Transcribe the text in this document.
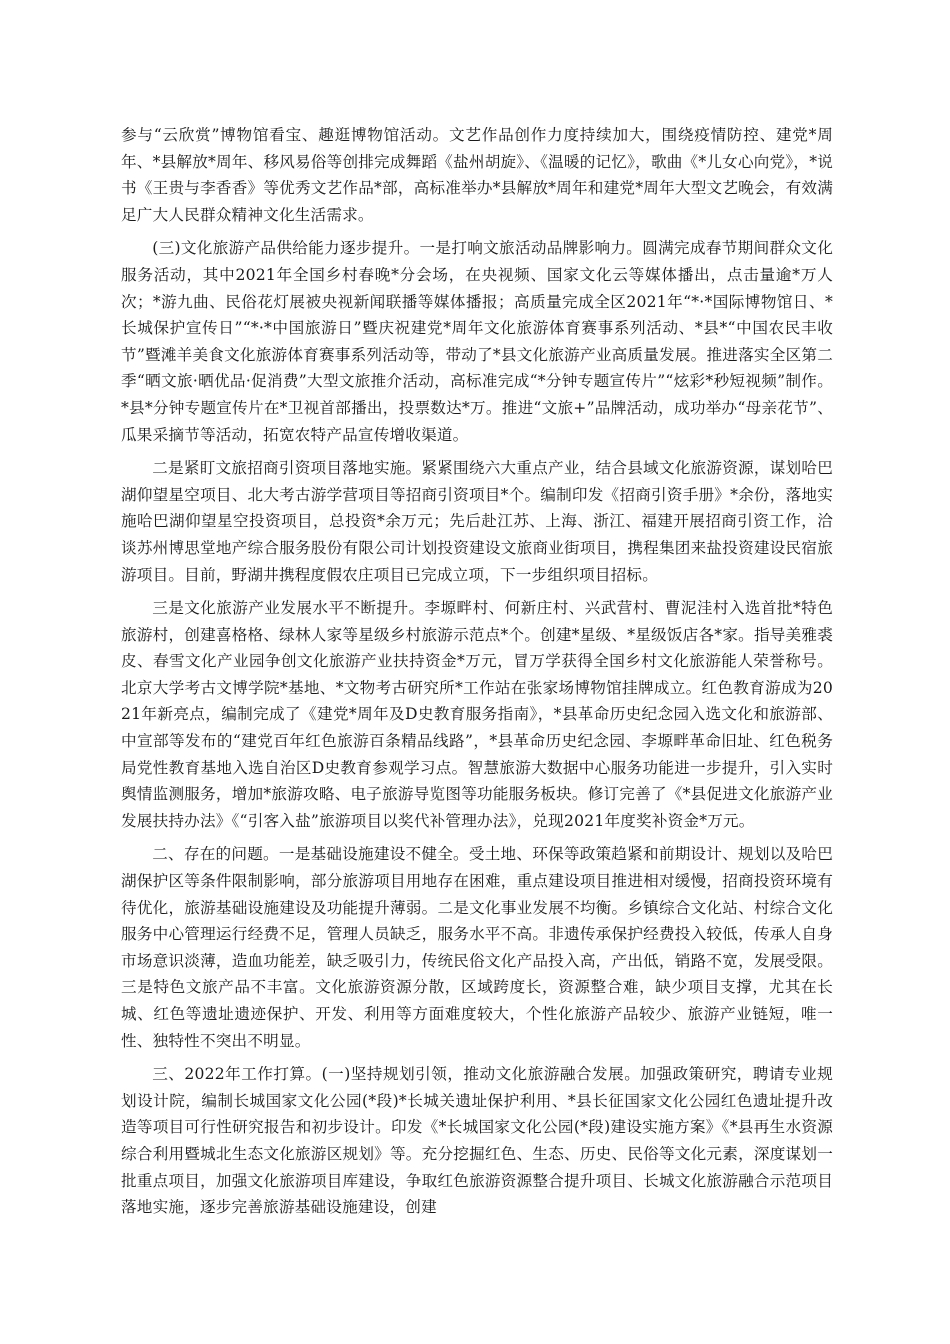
参与“云欣赏”博物馆看宝、趣逛博物馆活动。文艺作品创作力度持续加大，围绕疫情防控、建党*周年、*县解放*周年、移风易俗等创排完成舞蹈《盐州胡旋》、《温暖的记忆》，歌曲《*儿女心向党》，*说书《王贵与李香香》等优秀文艺作品*部，高标准举办*县解放*周年和建党*周年大型文艺晚会，有效满足广大人民群众精神文化生活需求。

(三)文化旅游产品供给能力逐步提升。一是打响文旅活动品牌影响力。圆满完成春节期间群众文化服务活动，其中2021年全国乡村春晚*分会场，在央视频、国家文化云等媒体播出，点击量逾*万人次；*游九曲、民俗花灯展被央视新闻联播等媒体播报；高质量完成全区2021年“*·*国际博物馆日、*长城保护宣传日”“*·*中国旅游日”暨庆祝建党*周年文化旅游体育赛事系列活动、*县*“中国农民丰收节”暨滩羊美食文化旅游体育赛事系列活动等，带动了*县文化旅游产业高质量发展。推进落实全区第二季“晒文旅·晒优品·促消费”大型文旅推介活动，高标准完成“*分钟专题宣传片”“炫彩*秒短视频”制作。*县*分钟专题宣传片在*卫视首部播出，投票数达*万。推进“文旅+”品牌活动，成功举办“母亲花节”、瓜果采摘节等活动，拓宽农特产品宣传增收渠道。

二是紧盯文旅招商引资项目落地实施。紧紧围绕六大重点产业，结合县域文化旅游资源，谋划哈巴湖仰望星空项目、北大考古游学营项目等招商引资项目*个。编制印发《招商引资手册》*余份，落地实施哈巴湖仰望星空投资项目，总投资*余万元；先后赴江苏、上海、浙江、福建开展招商引资工作，洽谈苏州博思堂地产综合服务股份有限公司计划投资建设文旅商业街项目，携程集团来盐投资建设民宿旅游项目。目前，野湖井携程度假农庄项目已完成立项，下一步组织项目招标。

三是文化旅游产业发展水平不断提升。李塬畔村、何新庄村、兴武营村、曹泥洼村入选首批*特色旅游村，创建喜格格、绿林人家等星级乡村旅游示范点*个。创建*星级、*星级饭店各*家。指导美雅裘皮、春雪文化产业园争创文化旅游产业扶持资金*万元，冒万学获得全国乡村文化旅游能人荣誉称号。北京大学考古文博学院*基地、*文物考古研究所*工作站在张家场博物馆挂牌成立。红色教育游成为2021年新亮点，编制完成了《建党*周年及D史教育服务指南》，*县革命历史纪念园入选文化和旅游部、中宣部等发布的“建党百年红色旅游百条精品线路”，*县革命历史纪念园、李塬畔革命旧址、红色税务局党性教育基地入选自治区D史教育参观学习点。智慧旅游大数据中心服务功能进一步提升，引入实时舆情监测服务，增加*旅游攻略、电子旅游导览图等功能服务板块。修订完善了《*县促进文化旅游产业发展扶持办法》《“引客入盐”旅游项目以奖代补管理办法》，兑现2021年度奖补资金*万元。

二、存在的问题。一是基础设施建设不健全。受土地、环保等政策趋紧和前期设计、规划以及哈巴湖保护区等条件限制影响，部分旅游项目用地存在困难，重点建设项目推进相对缓慢，招商投资环境有待优化，旅游基础设施建设及功能提升薄弱。二是文化事业发展不均衡。乡镇综合文化站、村综合文化服务中心管理运行经费不足，管理人员缺乏，服务水平不高。非遗传承保护经费投入较低，传承人自身市场意识淡薄，造血功能差，缺乏吸引力，传统民俗文化产品投入高，产出低，销路不宽，发展受限。三是特色文旅产品不丰富。文化旅游资源分散，区域跨度长，资源整合难，缺少项目支撑，尤其在长城、红色等遗址遗迹保护、开发、利用等方面难度较大，个性化旅游产品较少、旅游产业链短，唯一性、独特性不突出不明显。

三、2022年工作打算。(一)坚持规划引领，推动文化旅游融合发展。加强政策研究，聘请专业规划设计院，编制长城国家文化公园(*段)*长城关遗址保护利用、*县长征国家文化公园红色遗址提升改造等项目可行性研究报告和初步设计。印发《*长城国家文化公园(*段)建设实施方案》《*县再生水资源综合利用暨城北生态文化旅游区规划》等。充分挖掘红色、生态、历史、民俗等文化元素，深度谋划一批重点项目，加强文化旅游项目库建设，争取红色旅游资源整合提升项目、长城文化旅游融合示范项目落地实施，逐步完善旅游基础设施建设，创建
